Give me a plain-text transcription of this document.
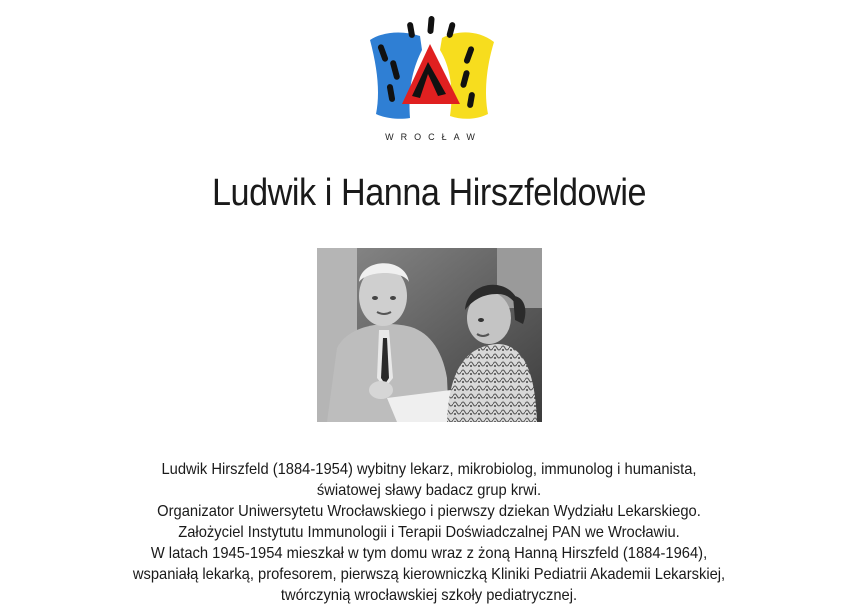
WROCŁAW
Ludwik i Hanna Hirszfeldowie
Ludwik Hirszfeld (1884-1954) wybitny lekarz, mikrobiolog, immunolog i humanista,
światowej sławy badacz grup krwi.
Organizator Uniwersytetu Wrocławskiego i pierwszy dziekan Wydziału Lekarskiego.
Założyciel Instytutu Immunologii i Terapii Doświadczalnej PAN we Wrocławiu.
W latach 1945-1954 mieszkał w tym domu wraz z żoną Hanną Hirszfeld (1884-1964),
wspaniałą lekarką, profesorem, pierwszą kierowniczką Kliniki Pediatrii Akademii Lekarskiej,
twórczynią wrocławskiej szkoły pediatrycznej.
